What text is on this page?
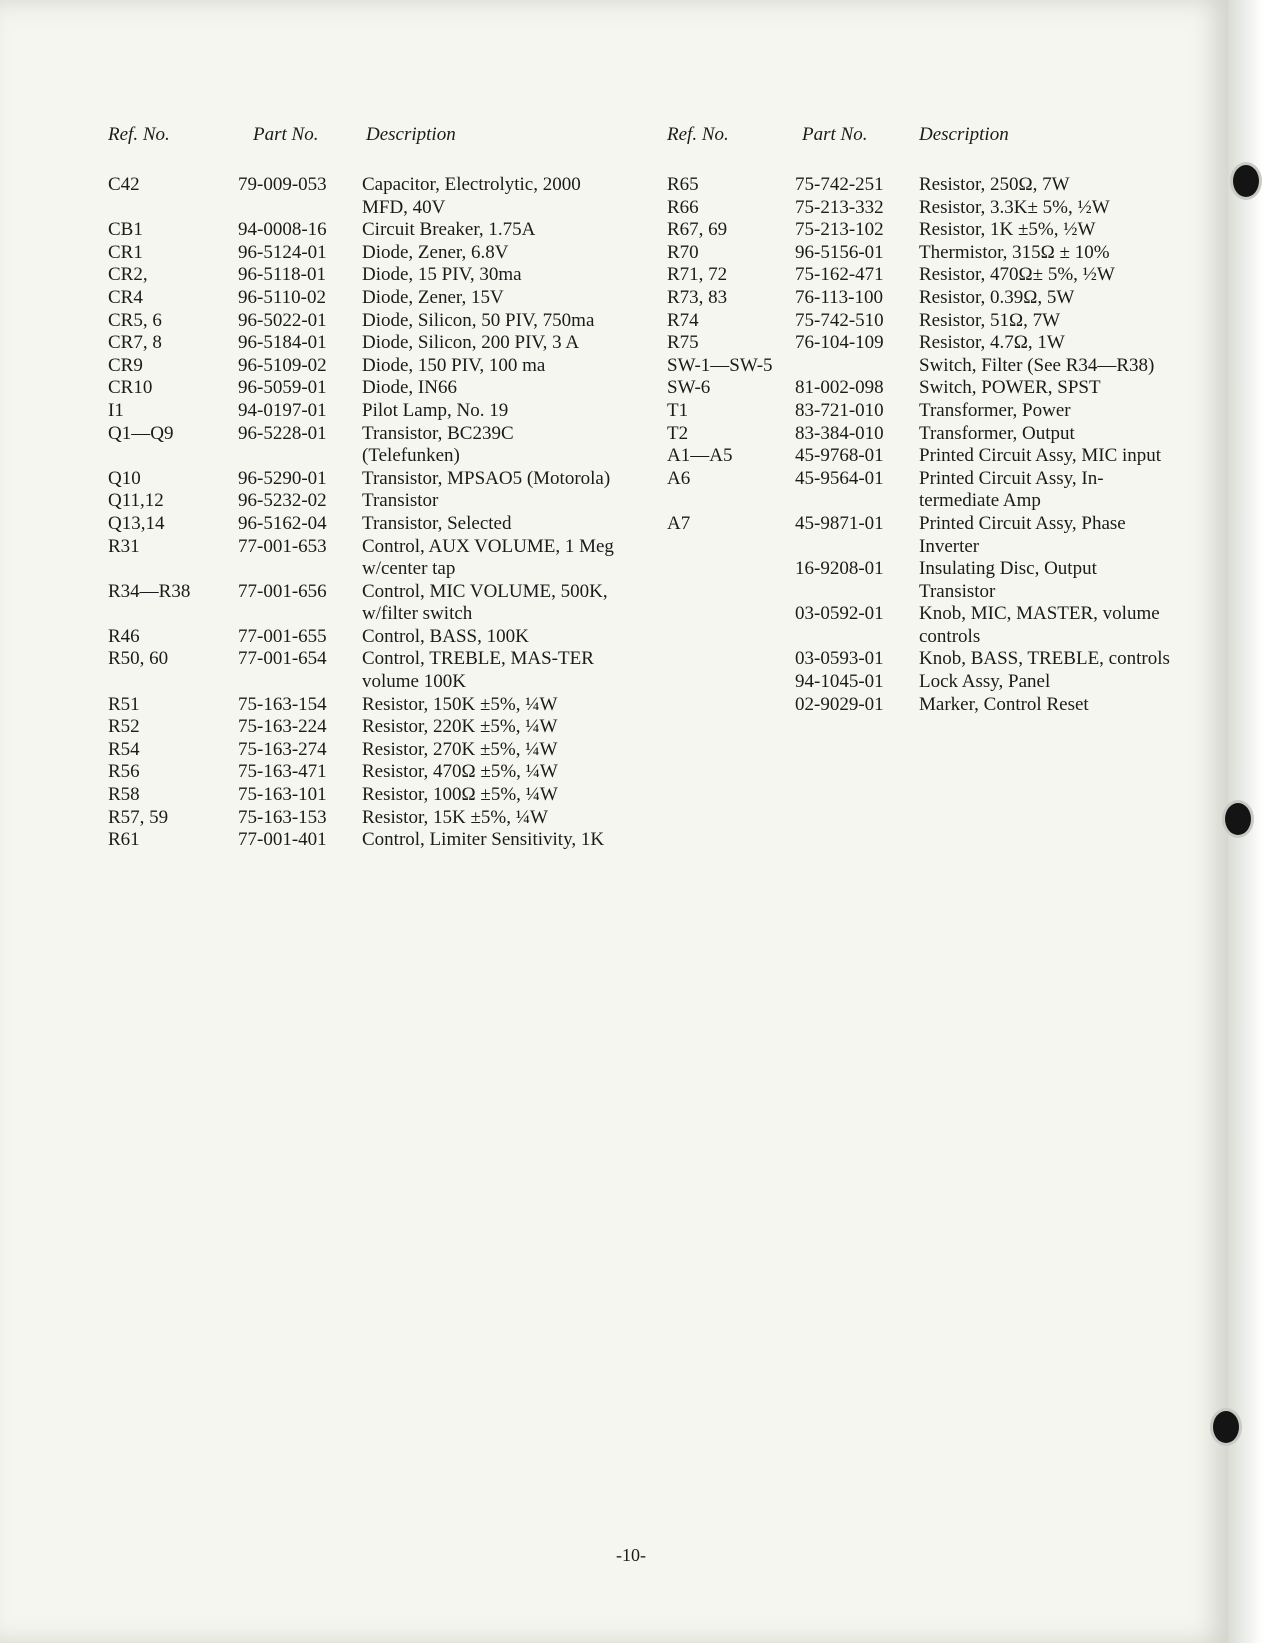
Ref. No.	Part No.	Description
C42	79-009-053 Capacitor, Electrolytic, 2000 MFD, 40V
CB1	94-0008-16 Circuit Breaker, 1.75A
CR1	96-5124-01 Diode, Zener, 6.8V
CR2,	96-5118-01 Diode, 15 PIV, 30ma
CR4	96-5110-02 Diode, Zener, 15V
CR5, 6	96-5022-01 Diode, Silicon, 50 PIV, 750ma
CR7, 8	96-5184-01 Diode, Silicon, 200 PIV, 3 A
CR9	96-5109-02 Diode, 150 PIV, 100 ma
CR10	96-5059-01 Diode, IN66
I1	94-0197-01 Pilot Lamp, No. 19
Q1—Q9	96-5228-01 Transistor, BC239C (Telefunken)
Q10	96-5290-01 Transistor, MPSAO5 (Motorola)
Q11,12	96-5232-02 Transistor
Q13,14	96-5162-04 Transistor, Selected
R31	77-001-653 Control, AUX VOLUME, 1 Meg w/center tap
R34—R38	77-001-656 Control, MIC VOLUME, 500K, w/filter switch
R46	77-001-655 Control, BASS, 100K
R50, 60	77-001-654 Control, TREBLE, MAS-TER volume 100K
R51	75-163-154 Resistor, 150K ±5%, ¼W
R52	75-163-224 Resistor, 220K ±5%, ¼W
R54	75-163-274 Resistor, 270K ±5%, ¼W
R56	75-163-471 Resistor, 470Ω ±5%, ¼W
R58	75-163-101 Resistor, 100Ω ±5%, ¼W
R57, 59	75-163-153 Resistor, 15K ±5%, ¼W
R61	77-001-401 Control, Limiter Sensitivity, 1K
Ref. No.	Part No.	Description
R65	75-742-251 Resistor, 250Ω, 7W
R66	75-213-332 Resistor, 3.3K± 5%, ½W
R67, 69	75-213-102 Resistor, 1K ±5%, ½W
R70	96-5156-01 Thermistor, 315Ω ± 10%
R71, 72	75-162-471 Resistor, 470Ω± 5%, ½W
R73, 83	76-113-100 Resistor, 0.39Ω, 5W
R74	75-742-510 Resistor, 51Ω, 7W
R75	76-104-109 Resistor, 4.7Ω, 1W
SW-1—SW-5	Switch, Filter (See R34—R38)
SW-6	81-002-098 Switch, POWER, SPST
T1	83-721-010 Transformer, Power
T2	83-384-010 Transformer, Output
A1—A5	45-9768-01 Printed Circuit Assy, MIC input
A6	45-9564-01 Printed Circuit Assy, In-termediate Amp
A7	45-9871-01 Printed Circuit Assy, Phase Inverter
16-9208-01 Insulating Disc, Output Transistor
03-0592-01 Knob, MIC, MASTER, volume controls
03-0593-01 Knob, BASS, TREBLE, controls
94-1045-01 Lock Assy, Panel
02-9029-01 Marker, Control Reset
-10-
